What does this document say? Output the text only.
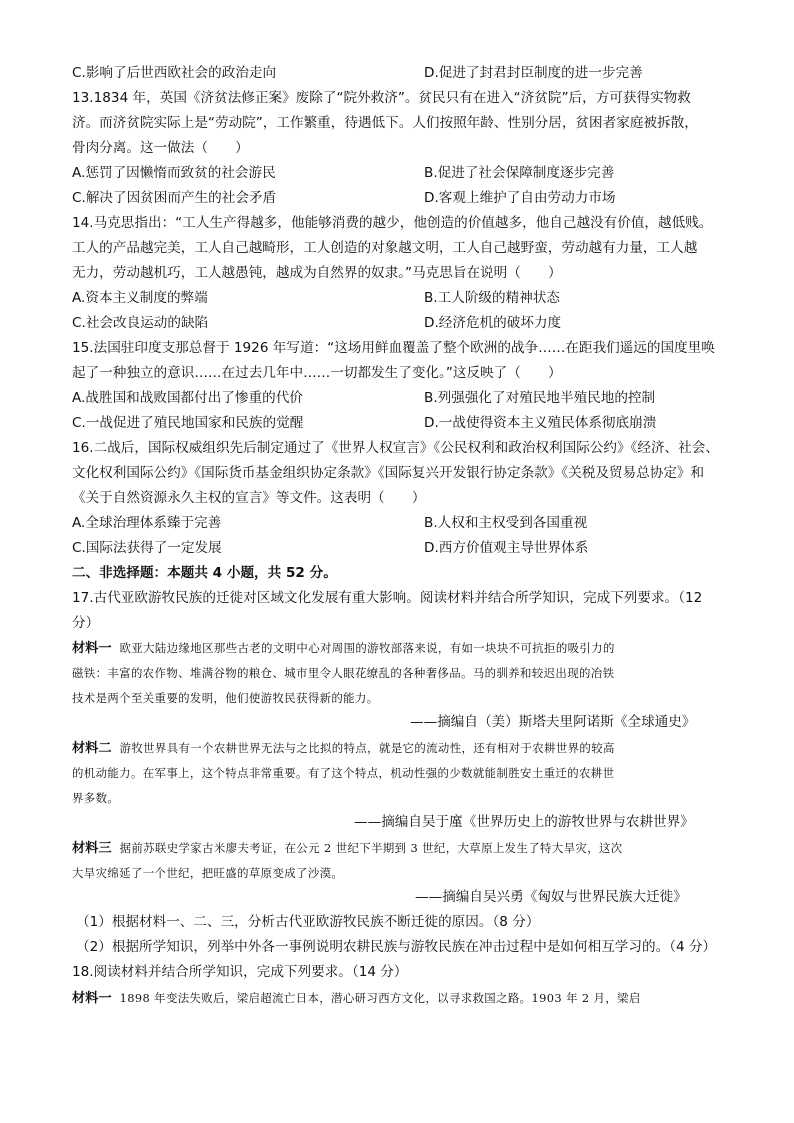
C.影响了后世西欧社会的政治走向	D.促进了封君封臣制度的进一步完善
13.1834 年，英国《济贫法修正案》废除了“院外救济”。贫民只有在进入“济贫院”后，方可获得实物救
济。而济贫院实际上是“劳动院”，工作繁重，待遇低下。人们按照年龄、性别分居，贫困者家庭被拆散，
骨肉分离。这一做法（　　）
A.惩罚了因懒惰而致贫的社会游民	B.促进了社会保障制度逐步完善
C.解决了因贫困而产生的社会矛盾	D.客观上维护了自由劳动力市场
14.马克思指出：“工人生产得越多，他能够消费的越少，他创造的价值越多，他自己越没有价值，越低贱。
工人的产品越完美，工人自己越畸形，工人创造的对象越文明，工人自己越野蛮，劳动越有力量，工人越
无力，劳动越机巧，工人越愚钝，越成为自然界的奴隶。”马克思旨在说明（　　）
A.资本主义制度的弊端	B.工人阶级的精神状态
C.社会改良运动的缺陷	D.经济危机的破坏力度
15.法国驻印度支那总督于 1926 年写道：“这场用鲜血覆盖了整个欧洲的战争……在距我们遥远的国度里唤
起了一种独立的意识……在过去几年中……一切都发生了变化。”这反映了（　　）
A.战胜国和战败国都付出了惨重的代价	B.列强强化了对殖民地半殖民地的控制
C.一战促进了殖民地国家和民族的觉醒	D.一战使得资本主义殖民体系彻底崩溃
16.二战后，国际权威组织先后制定通过了《世界人权宣言》《公民权利和政治权利国际公约》《经济、社会、
文化权利国际公约》《国际货币基金组织协定条款》《国际复兴开发银行协定条款》《关税及贸易总协定》和
《关于自然资源永久主权的宣言》等文件。这表明（　　）
A.全球治理体系臻于完善	B.人权和主权受到各国重视
C.国际法获得了一定发展	D.西方价值观主导世界体系
二、非选择题：本题共 4 小题，共 52 分。
17.古代亚欧游牧民族的迁徙对区域文化发展有重大影响。阅读材料并结合所学知识，完成下列要求。（12
分）
材料一 欧亚大陆边缘地区那些古老的文明中心对周围的游牧部落来说，有如一块块不可抗拒的吸引力的
磁铁：丰富的农作物、堆满谷物的粮仓、城市里令人眼花缭乱的各种奢侈品。马的驯养和较迟出现的冶铁
技术是两个至关重要的发明，他们使游牧民获得新的能力。
——摘编自（美）斯塔夫里阿诺斯《全球通史》
材料二 游牧世界具有一个农耕世界无法与之比拟的特点，就是它的流动性，还有相对于农耕世界的较高
的机动能力。在军事上，这个特点非常重要。有了这个特点，机动性强的少数就能制胜安土重迁的农耕世
界多数。
——摘编自吴于廑《世界历史上的游牧世界与农耕世界》
材料三 据前苏联史学家古米廖夫考证，在公元 2 世纪下半期到 3 世纪，大草原上发生了特大旱灾，这次
大旱灾绵延了一个世纪，把旺盛的草原变成了沙漠。
——摘编自吴兴勇《匈奴与世界民族大迁徙》
（1）根据材料一、二、三，分析古代亚欧游牧民族不断迁徙的原因。（8 分）
（2）根据所学知识，列举中外各一事例说明农耕民族与游牧民族在冲击过程中是如何相互学习的。（4 分）
18.阅读材料并结合所学知识，完成下列要求。（14 分）
材料一 1898 年变法失败后，梁启超流亡日本，潜心研习西方文化，以寻求救国之路。1903 年 2 月，梁启
